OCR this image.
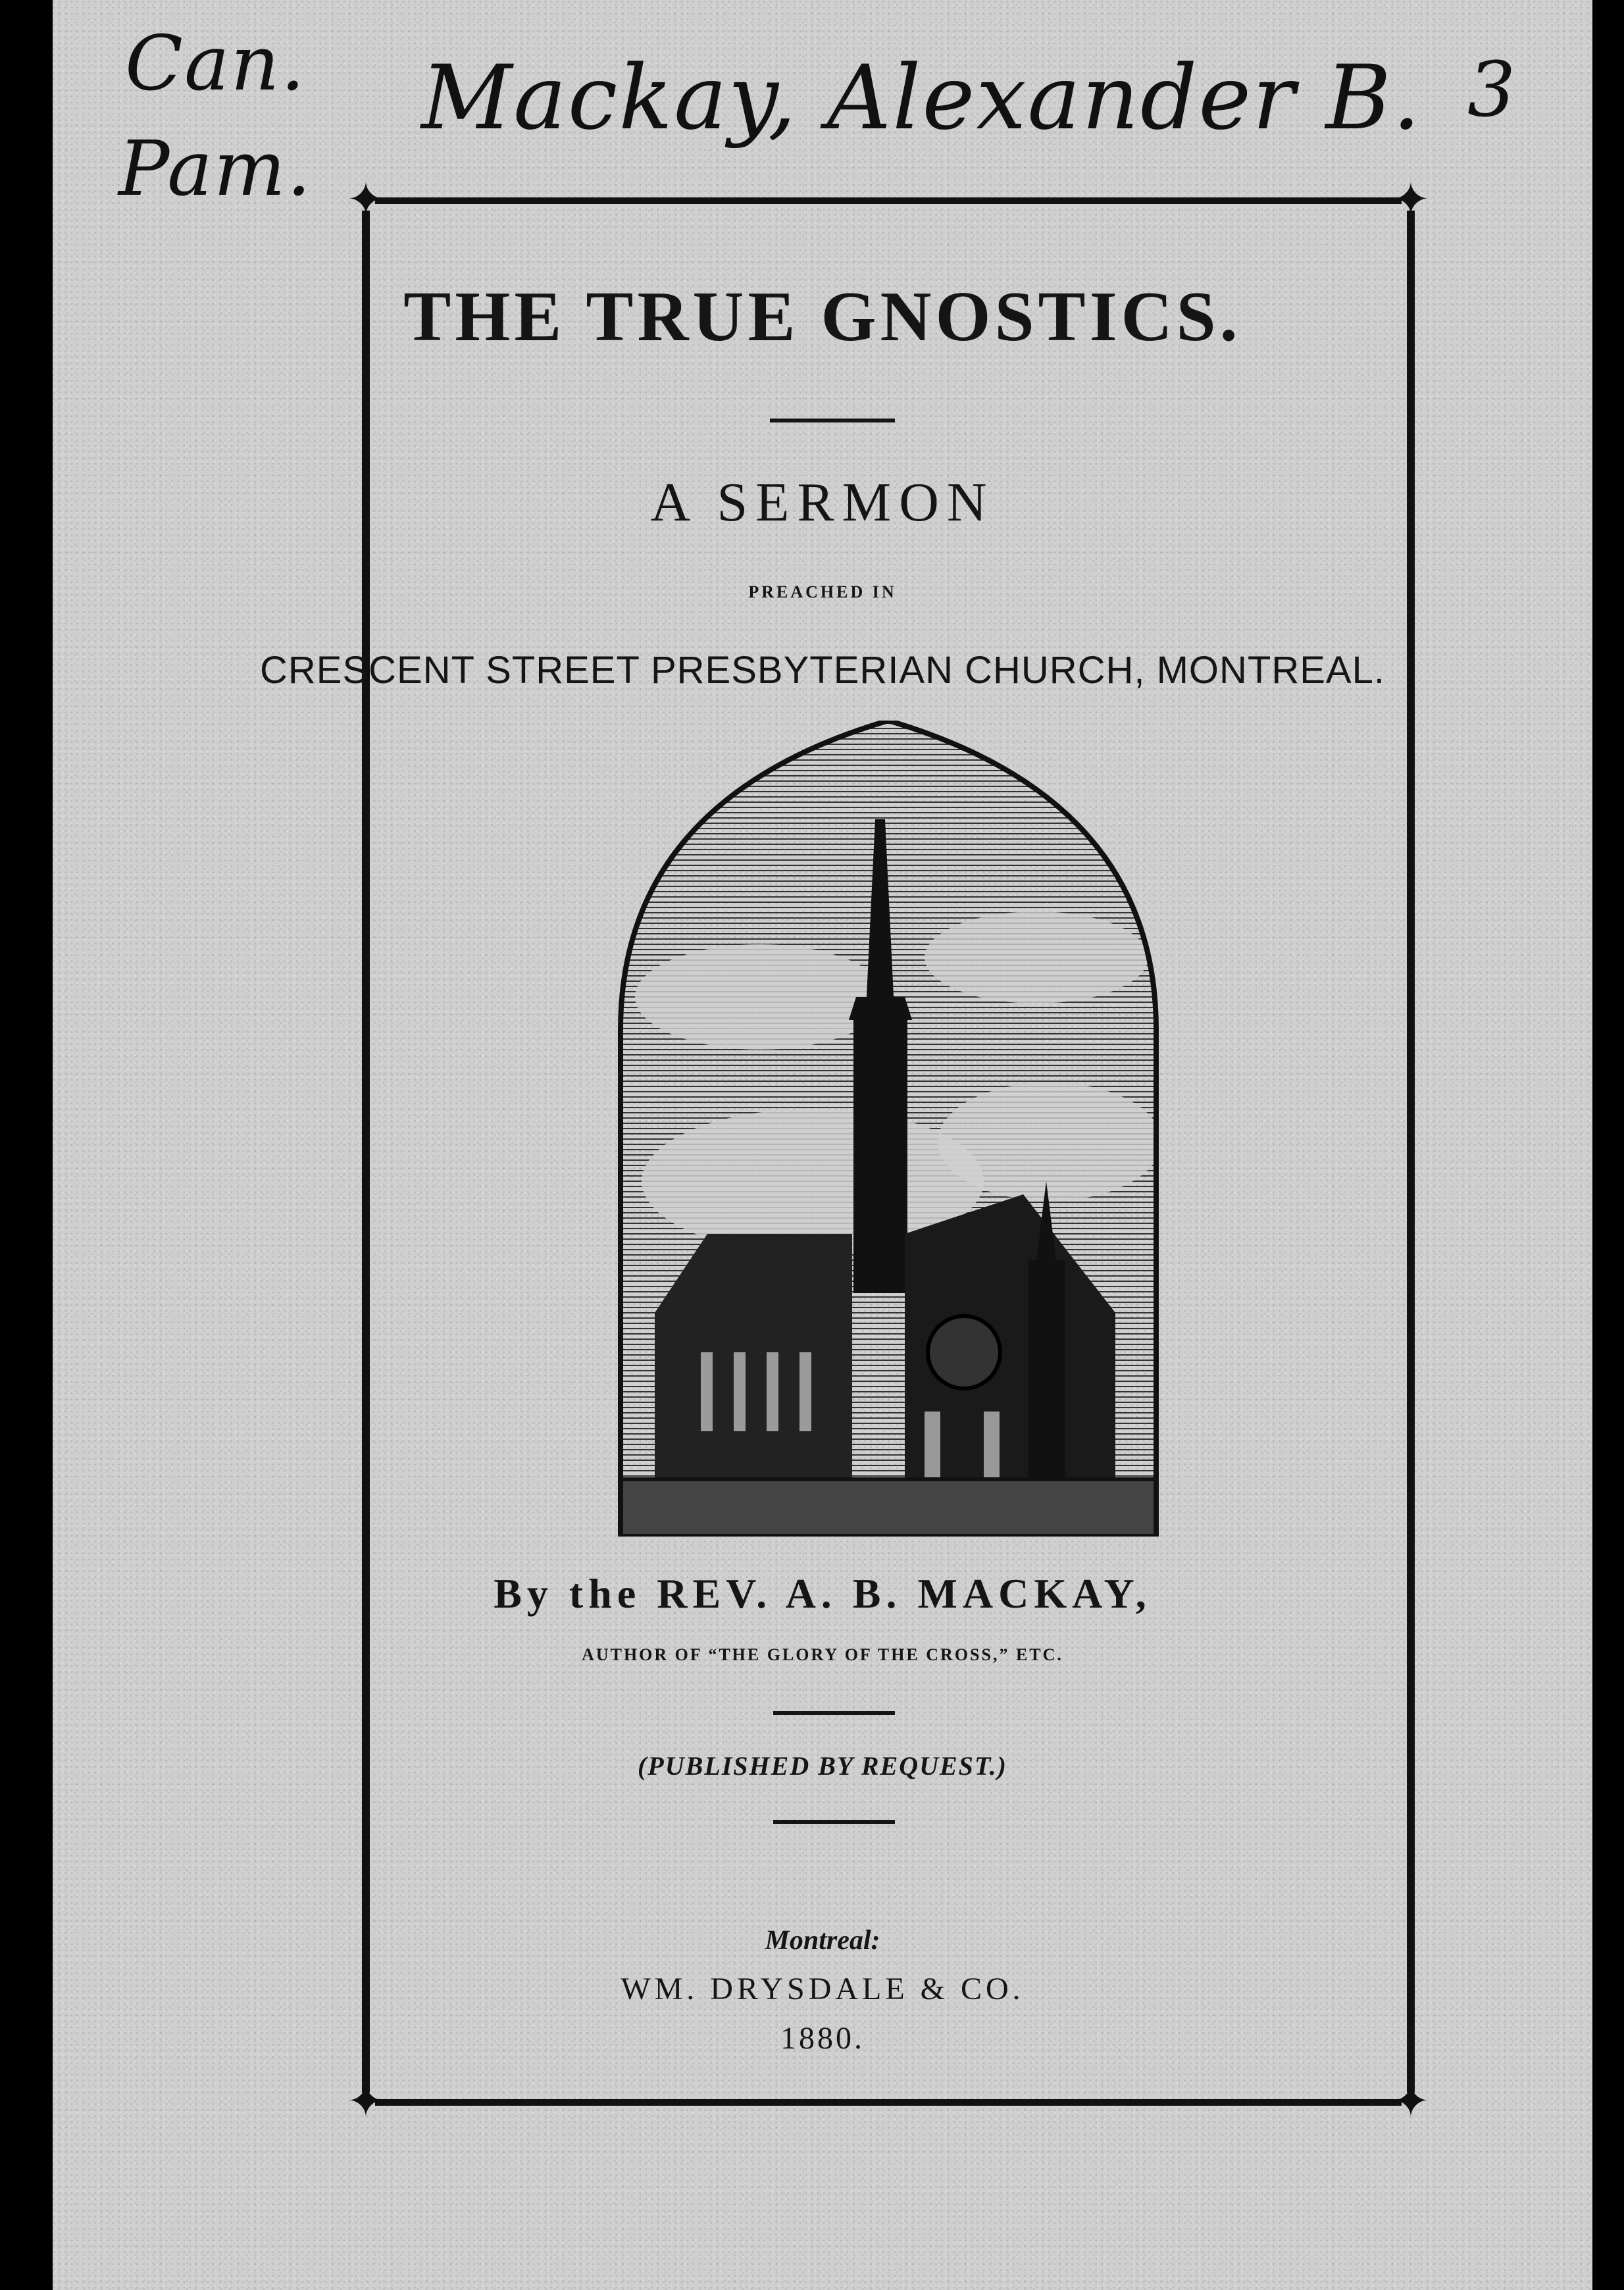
Can.
Pam.
Mackay, Alexander B. 3
✦	✦
✦	✦
THE TRUE GNOSTICS.
A SERMON
PREACHED IN
CRESCENT STREET PRESBYTERIAN CHURCH, MONTREAL.
By the REV. A. B. MACKAY,
AUTHOR OF “THE GLORY OF THE CROSS,” ETC.
(PUBLISHED BY REQUEST.)
Montreal:
WM. DRYSDALE & CO.
1880.
